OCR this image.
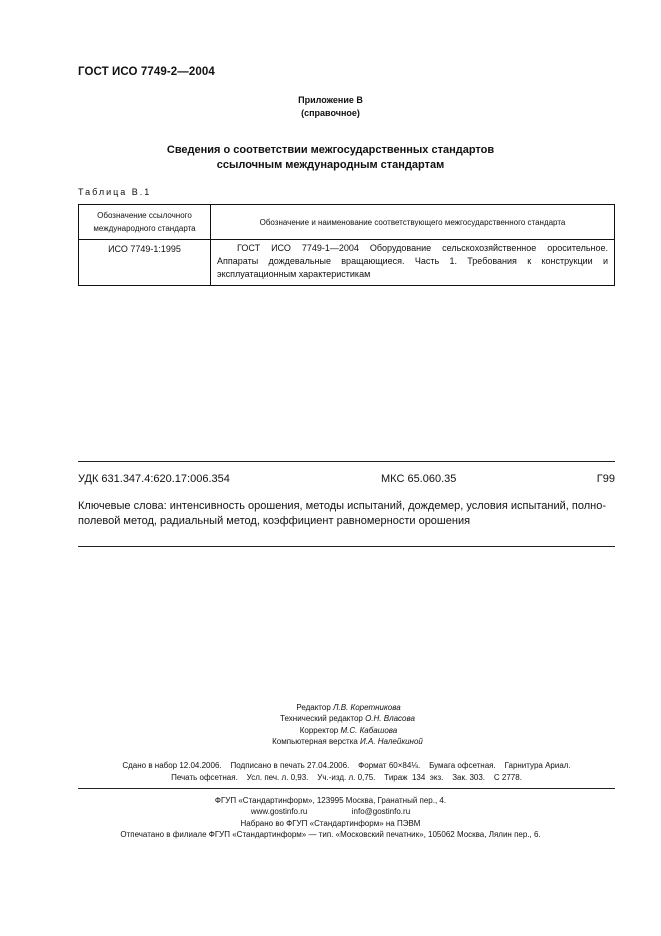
ГОСТ ИСО 7749-2—2004
Приложение В
(справочное)
Сведения о соответствии межгосударственных стандартов
ссылочным международным стандартам
Таблица В.1
Обозначение ссылочного
международного стандарта	Обозначение и наименование соответствующего межгосударственного стандарта
ИСО 7749-1:1995	ГОСТ ИСО 7749-1—2004 Оборудование сельскохозяйственное оросительное. Аппараты дождевальные вращающиеся. Часть 1. Требования к конструкции и эксплуатационным характеристикам
УДК 631.347.4:620.17:006.354	МКС 65.060.35	Г99
Ключевые слова: интенсивность орошения, методы испытаний, дождемер, условия испытаний, полно-
полевой метод, радиальный метод, коэффициент равномерности орошения
Редактор Л.В. Коретникова
Технический редактор О.Н. Власова
Корректор М.С. Кабашова
Компьютерная верстка И.А. Налейкиной
Сдано в набор 12.04.2006.    Подписано в печать 27.04.2006.    Формат 60×84⅛.    Бумага офсетная.    Гарнитура Ариал.
Печать офсетная.    Усл. печ. л. 0,93.    Уч.-изд. л. 0,75.    Тираж  134  экз.    Зак. 303.    С 2778.
ФГУП «Стандартинформ», 123995 Москва, Гранатный пер., 4.
www.gostinfo.ru                    info@gostinfo.ru
Набрано во ФГУП «Стандартинформ» на ПЭВМ
Отпечатано в филиале ФГУП «Стандартинформ» — тип. «Московский печатник», 105062 Москва, Лялин пер., 6.
